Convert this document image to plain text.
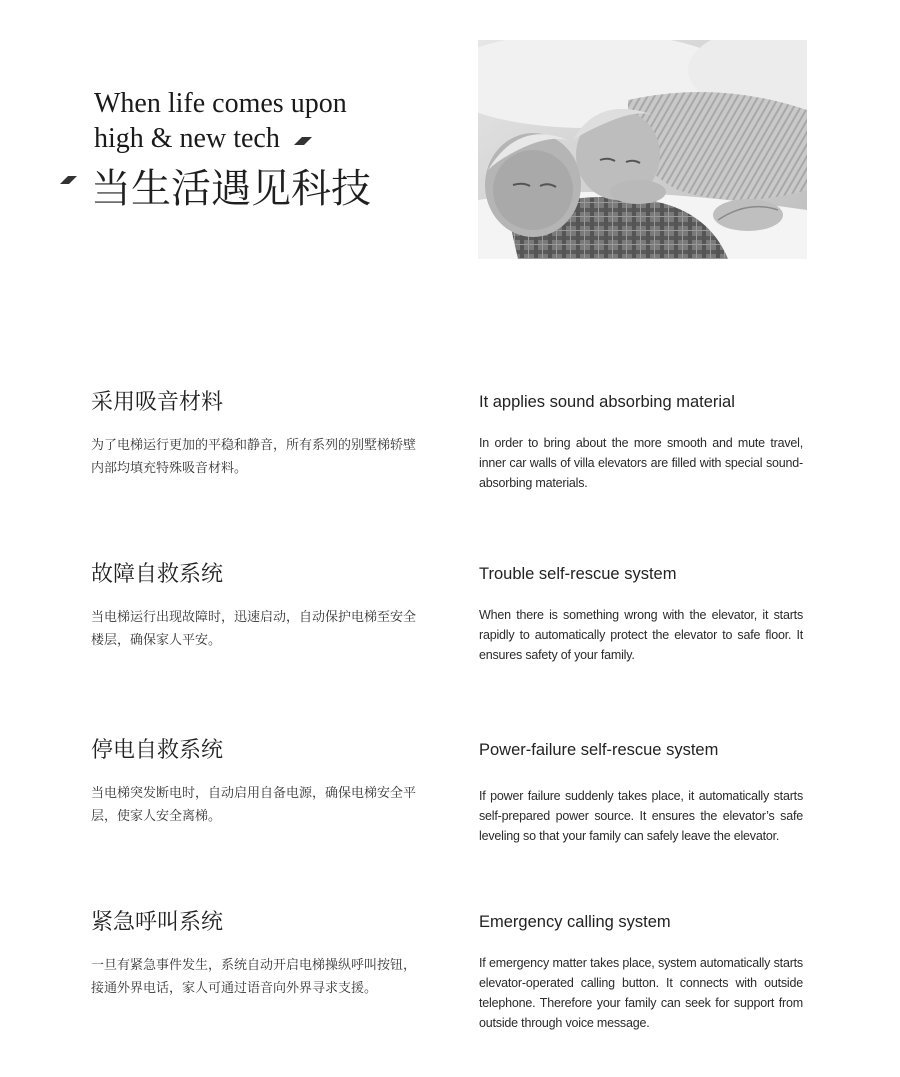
When life comes upon
high & new tech
当生活遇见科技
采用吸音材料
为了电梯运行更加的平稳和静音，所有系列的别墅梯轿壁内部均填充特殊吸音材料。
It applies sound absorbing material
In order to bring about the more smooth and mute travel, inner car walls of villa elevators are filled with special sound-absorbing materials.
故障自救系统
当电梯运行出现故障时，迅速启动，自动保护电梯至安全楼层，确保家人平安。
Trouble self-rescue system
When there is something wrong with the elevator, it starts rapidly to automatically protect the elevator to safe floor. It ensures safety of your family.
停电自救系统
当电梯突发断电时，自动启用自备电源，确保电梯安全平层，使家人安全离梯。
Power-failure self-rescue system
If power failure suddenly takes place, it automatically starts self-prepared power source. It ensures the elevator’s safe leveling so that your family can safely leave the elevator.
紧急呼叫系统
一旦有紧急事件发生，系统自动开启电梯操纵呼叫按钮，接通外界电话，家人可通过语音向外界寻求支援。
Emergency calling system
If emergency matter takes place, system automatically starts elevator-operated calling button. It connects with outside telephone. Therefore your family can seek for support from outside through voice message.
